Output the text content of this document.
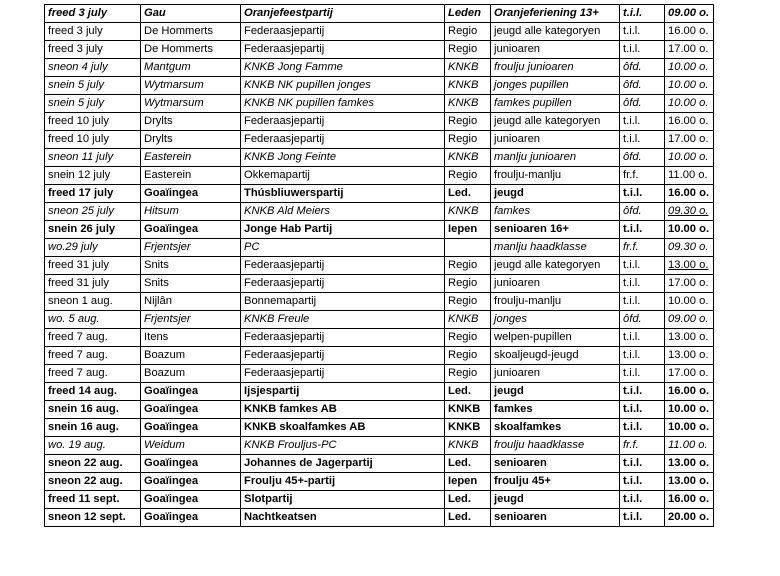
freed 3 july	Gau	Oranjefeestpartij	Leden	Oranjeferiening 13+	t.i.l.	09.00 o.
freed 3 july	De Hommerts	Federaasjepartij	Regio	jeugd alle kategoryen	t.i.l.	16.00 o.
freed 3 july	De Hommerts	Federaasjepartij	Regio	junioaren	t.i.l.	17.00 o.
sneon 4 july	Mantgum	KNKB Jong Famme	KNKB	froulju junioaren	ôfd.	10.00 o.
snein 5 july	Wytmarsum	KNKB NK pupillen jonges	KNKB	jonges pupillen	ôfd.	10.00 o.
snein 5 july	Wytmarsum	KNKB NK pupillen famkes	KNKB	famkes pupillen	ôfd.	10.00 o.
freed 10 july	Drylts	Federaasjepartij	Regio	jeugd alle kategoryen	t.i.l.	16.00 o.
freed 10 july	Drylts	Federaasjepartij	Regio	junioaren	t.i.l.	17.00 o.
sneon 11 july	Easterein	KNKB Jong Feinte	KNKB	manlju junioaren	ôfd.	10.00 o.
snein 12 july	Easterein	Okkemapartij	Regio	froulju-manlju	fr.f.	11.00 o.
freed 17 july	Goaïingea	Thúsbliuwerspartij	Led.	jeugd	t.i.l.	16.00 o.
sneon 25 july	Hitsum	KNKB Ald Meiers	KNKB	famkes	ôfd.	09.30 o.
snein 26 july	Goaïingea	Jonge Hab Partij	Iepen	senioaren 16+	t.i.l.	10.00 o.
wo.29 july	Frjentsjer	PC		manlju haadklasse	fr.f.	09.30 o.
freed 31 july	Snits	Federaasjepartij	Regio	jeugd alle kategoryen	t.i.l.	13.00 o.
freed 31 july	Snits	Federaasjepartij	Regio	junioaren	t.i.l.	17.00 o.
sneon 1 aug.	Nijlân	Bonnemapartij	Regio	froulju-manlju	t.i.l.	10.00 o.
wo. 5 aug.	Frjentsjer	KNKB Freule	KNKB	jonges	ôfd.	09.00 o.
freed 7 aug.	Itens	Federaasjepartij	Regio	welpen-pupillen	t.i.l.	13.00 o.
freed 7 aug.	Boazum	Federaasjepartij	Regio	skoaljeugd-jeugd	t.i.l.	13.00 o.
freed 7 aug.	Boazum	Federaasjepartij	Regio	junioaren	t.i.l.	17.00 o.
freed 14 aug.	Goaïingea	Ijsjespartij	Led.	jeugd	t.i.l.	16.00 o.
snein 16 aug.	Goaïingea	KNKB famkes AB	KNKB	famkes	t.i.l.	10.00 o.
snein 16 aug.	Goaïingea	KNKB skoalfamkes AB	KNKB	skoalfamkes	t.i.l.	10.00 o.
wo. 19 aug.	Weidum	KNKB Frouljus-PC	KNKB	froulju haadklasse	fr.f.	11.00 o.
sneon 22 aug.	Goaïingea	Johannes de Jagerpartij	Led.	senioaren	t.i.l.	13.00 o.
sneon 22 aug.	Goaïingea	Froulju 45+-partij	Iepen	froulju 45+	t.i.l.	13.00 o.
freed 11 sept.	Goaïingea	Slotpartij	Led.	jeugd	t.i.l.	16.00 o.
sneon 12 sept.	Goaïingea	Nachtkeatsen	Led.	senioaren	t.i.l.	20.00 o.
